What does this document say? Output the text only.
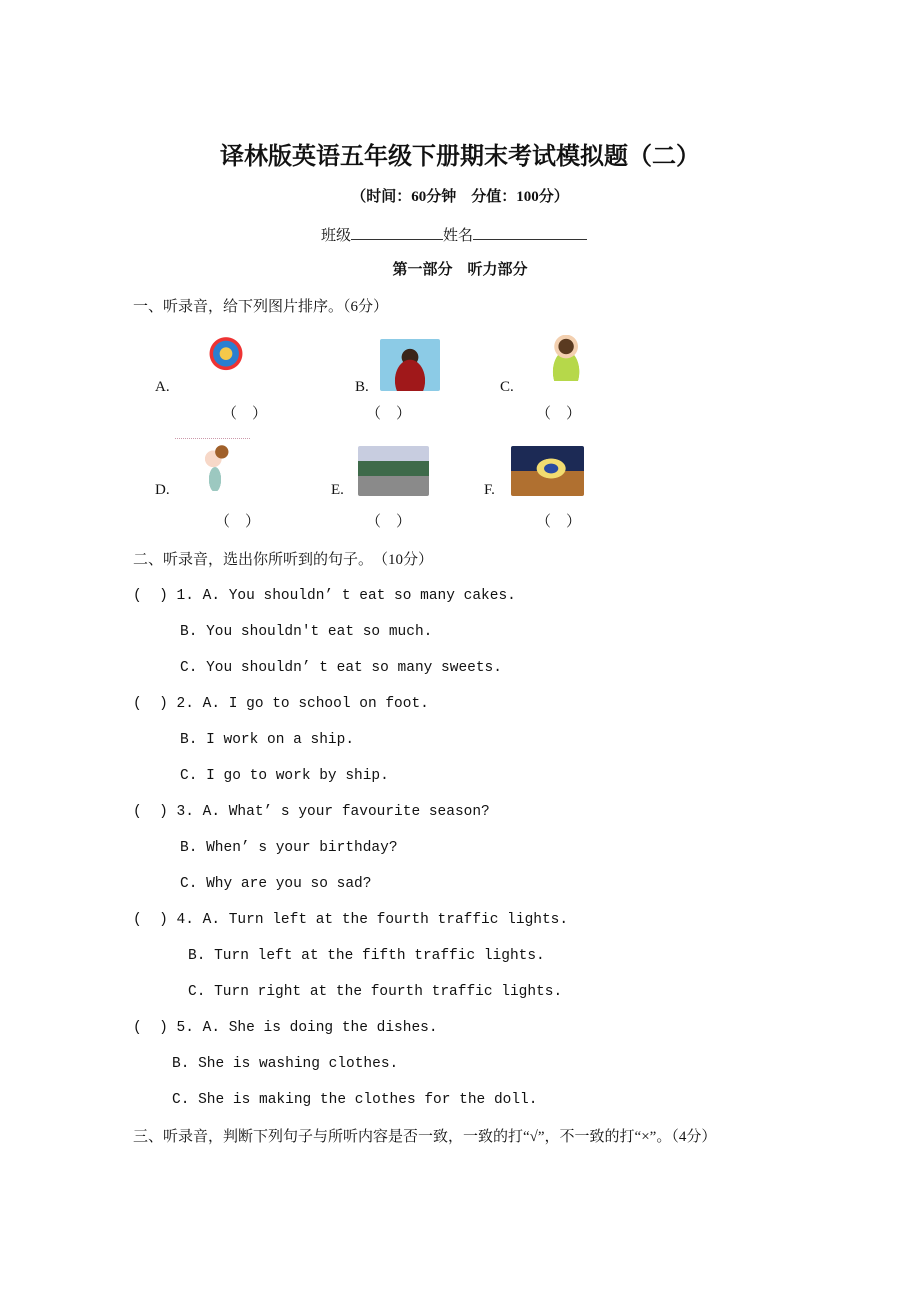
译林版英语五年级下册期末考试模拟题（二）
（时间：60分钟　分值：100分）
班级	姓名
第一部分　听力部分
一、听录音，给下列图片排序。（6分）
A.	B.	C.
（　）	（　）	（　）
D.	E.	F.
（　）	（　）	（　）
二、听录音，选出你所听到的句子。　（10分）
(  ) 1. A. You shouldn’ t eat so many cakes.
B. You shouldn't eat so much.
C. You shouldn’ t eat so many sweets.
(  ) 2. A. I go to school on foot.
B. I work on a ship.
C. I go to work by ship.
(  ) 3. A. What’ s your favourite season?
B. When’ s your birthday?
C. Why are you so sad?
(  ) 4. A. Turn left at the fourth traffic lights.
B. Turn left at the fifth traffic lights.
C. Turn right at the fourth traffic lights.
(  ) 5. A. She is doing the dishes.
B. She is washing clothes.
C. She is making the clothes for the doll.
三、听录音，判断下列句子与所听内容是否一致，一致的打“√”，不一致的打“×”。（4分）
